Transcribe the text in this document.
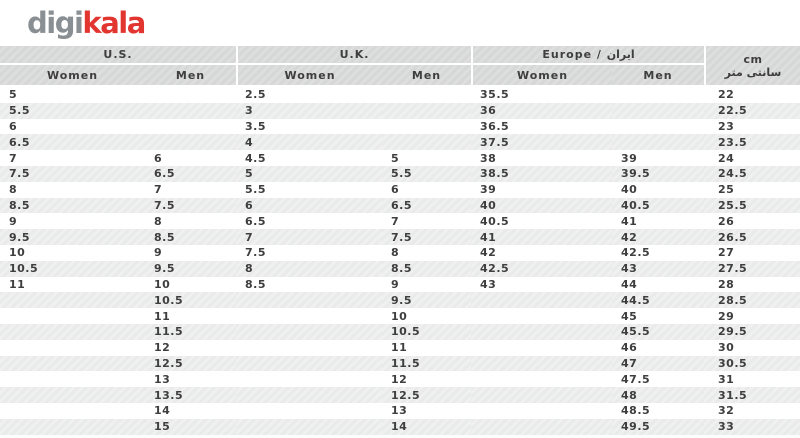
digikala
U.S.		U.K.		Europe / ایران		cm
سانتی متر

Women	Men	Women	Men	Women	Men	
5		2.5		35.5		22
5.5		3		36		22.5
6		3.5		36.5		23
6.5		4		37.5		23.5
7	6	4.5	5	38	39	24
7.5	6.5	5	5.5	38.5	39.5	24.5
8	7	5.5	6	39	40	25
8.5	7.5	6	6.5	40	40.5	25.5
9	8	6.5	7	40.5	41	26
9.5	8.5	7	7.5	41	42	26.5
10	9	7.5	8	42	42.5	27
10.5	9.5	8	8.5	42.5	43	27.5
11	10	8.5	9	43	44	28
	10.5		9.5		44.5	28.5
	11		10		45	29
	11.5		10.5		45.5	29.5
	12		11		46	30
	12.5		11.5		47	30.5
	13		12		47.5	31
	13.5		12.5		48	31.5
	14		13		48.5	32
	15		14		49.5	33
